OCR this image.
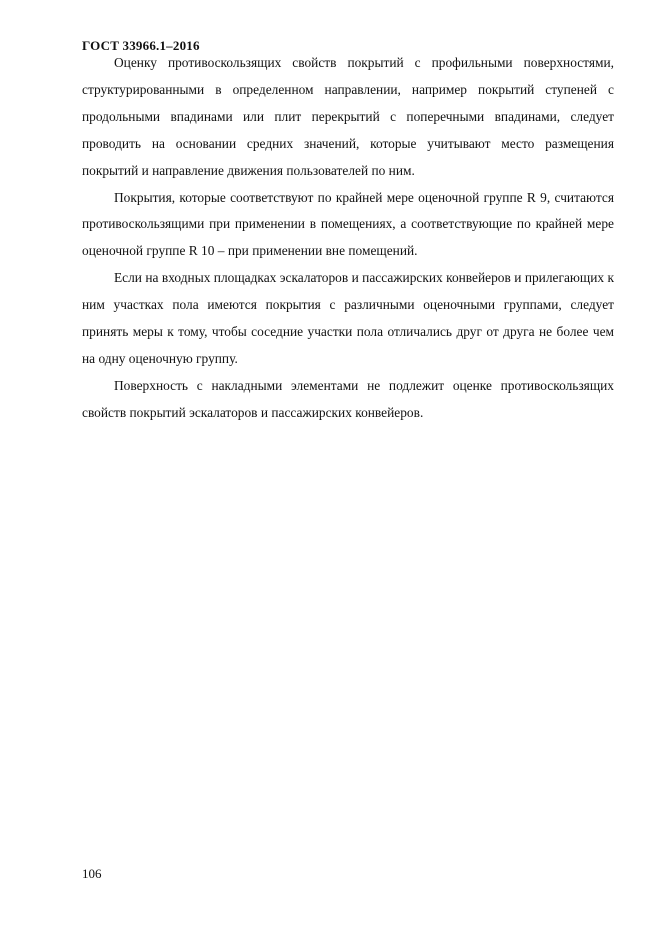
ГОСТ 33966.1–2016

Оценку противоскользящих свойств покрытий с профильными поверхностями, структурированными в определенном направлении, например покрытий ступеней с продольными впадинами или плит перекрытий с поперечными впадинами, следует проводить на основании средних значений, которые учитывают место размещения покрытий и направление движения пользователей по ним.

Покрытия, которые соответствуют по крайней мере оценочной группе R 9, считаются противоскользящими при применении в помещениях, а соответствующие по крайней мере оценочной группе R 10 – при применении вне помещений.

Если на входных площадках эскалаторов и пассажирских конвейеров и прилегающих к ним участках пола имеются покрытия с различными оценочными группами, следует принять меры к тому, чтобы соседние участки пола отличались друг от друга не более чем на одну оценочную группу.

Поверхность с накладными элементами не подлежит оценке противоскользящих свойств покрытий эскалаторов и пассажирских конвейеров.

106
